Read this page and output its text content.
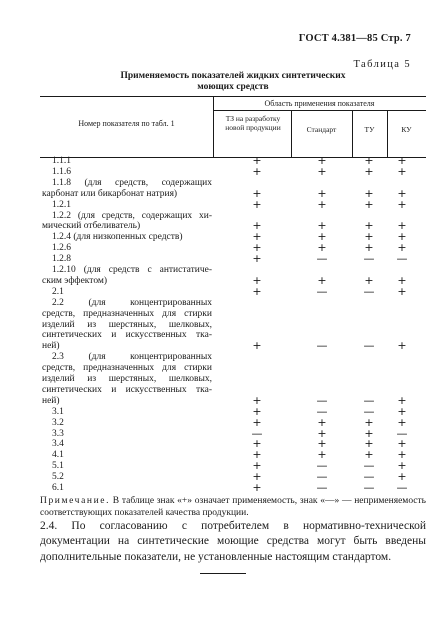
ГОСТ 4.381—85 Стр. 7
Таблица 5
Применяемость показателей жидких синтетических
моющих средств
Область применения показателя
Номер показателя по табл. 1
ТЗ на разработку новой продукции	Стандарт	ТУ	КУ
1.1.1	+	+	+	+
1.1.6	+	+	+	+
1.1.8 (для средств, содержащих
карбонат или бикарбонат натрия)	+	+	+	+
1.2.1	+	+	+	+
1.2.2 (для средств, содержащих хи-
мический отбеливатель)	+	+	+	+
1.2.4 (для низкопенных средств)	+	+	+	+
1.2.6	+	+	+	+
1.2.8	+	—	—	—
1.2.10 (для средств с антистатиче-
ским эффектом)	+	+	+	+
2.1	+	—	—	+
2.2 (для концентрированных
средств, предназначенных для стирки
изделий из шерстяных, шелковых,
синтетических и искусственных тка-
ней)	+	—	—	+
2.3 (для концентрированных
средств, предназначенных для стирки
изделий из шерстяных, шелковых,
синтетических и искусственных тка-
ней)	+	—	—	+
3.1	+	—	—	+
3.2	+	+	+	+
3.3	—	+	+	—
3.4	+	+	+	+
4.1	+	+	+	+
5.1	+	—	—	+
5.2	+	—	—	+
6.1	+	—	—	—
Примечание. В таблице знак «+» означает применяемость, знак «—» — неприменяемость соответствующих показателей качества продукции.
2.4. По согласованию с потребителем в нормативно-технической документации на синтетические моющие средства могут быть введены дополнительные показатели, не установленные настоящим стандартом.
